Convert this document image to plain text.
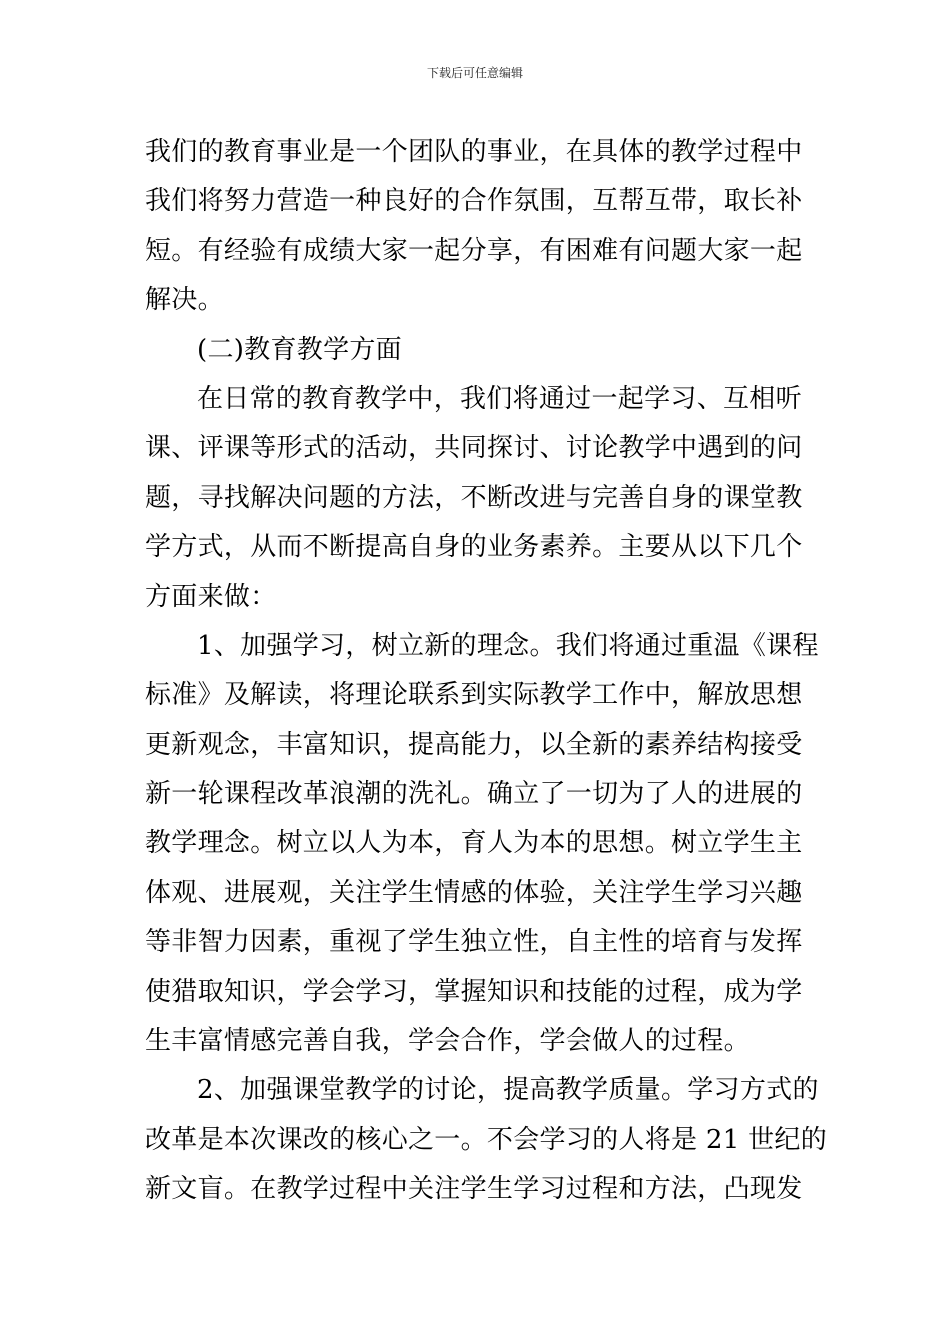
下载后可任意编辑
我们的教育事业是一个团队的事业，在具体的教学过程中
我们将努力营造一种良好的合作氛围，互帮互带，取长补
短。有经验有成绩大家一起分享，有困难有问题大家一起
解决。
(二)教育教学方面
在日常的教育教学中，我们将通过一起学习、互相听
课、评课等形式的活动，共同探讨、讨论教学中遇到的问
题，寻找解决问题的方法，不断改进与完善自身的课堂教
学方式，从而不断提高自身的业务素养。主要从以下几个
方面来做：
1、加强学习，树立新的理念。我们将通过重温《课程
标准》及解读，将理论联系到实际教学工作中，解放思想
更新观念，丰富知识，提高能力，以全新的素养结构接受
新一轮课程改革浪潮的洗礼。确立了一切为了人的进展的
教学理念。树立以人为本，育人为本的思想。树立学生主
体观、进展观，关注学生情感的体验，关注学生学习兴趣
等非智力因素，重视了学生独立性，自主性的培育与发挥
使猎取知识，学会学习，掌握知识和技能的过程，成为学
生丰富情感完善自我，学会合作，学会做人的过程。
2、加强课堂教学的讨论，提高教学质量。学习方式的
改革是本次课改的核心之一。不会学习的人将是 21 世纪的
新文盲。在教学过程中关注学生学习过程和方法，凸现发
